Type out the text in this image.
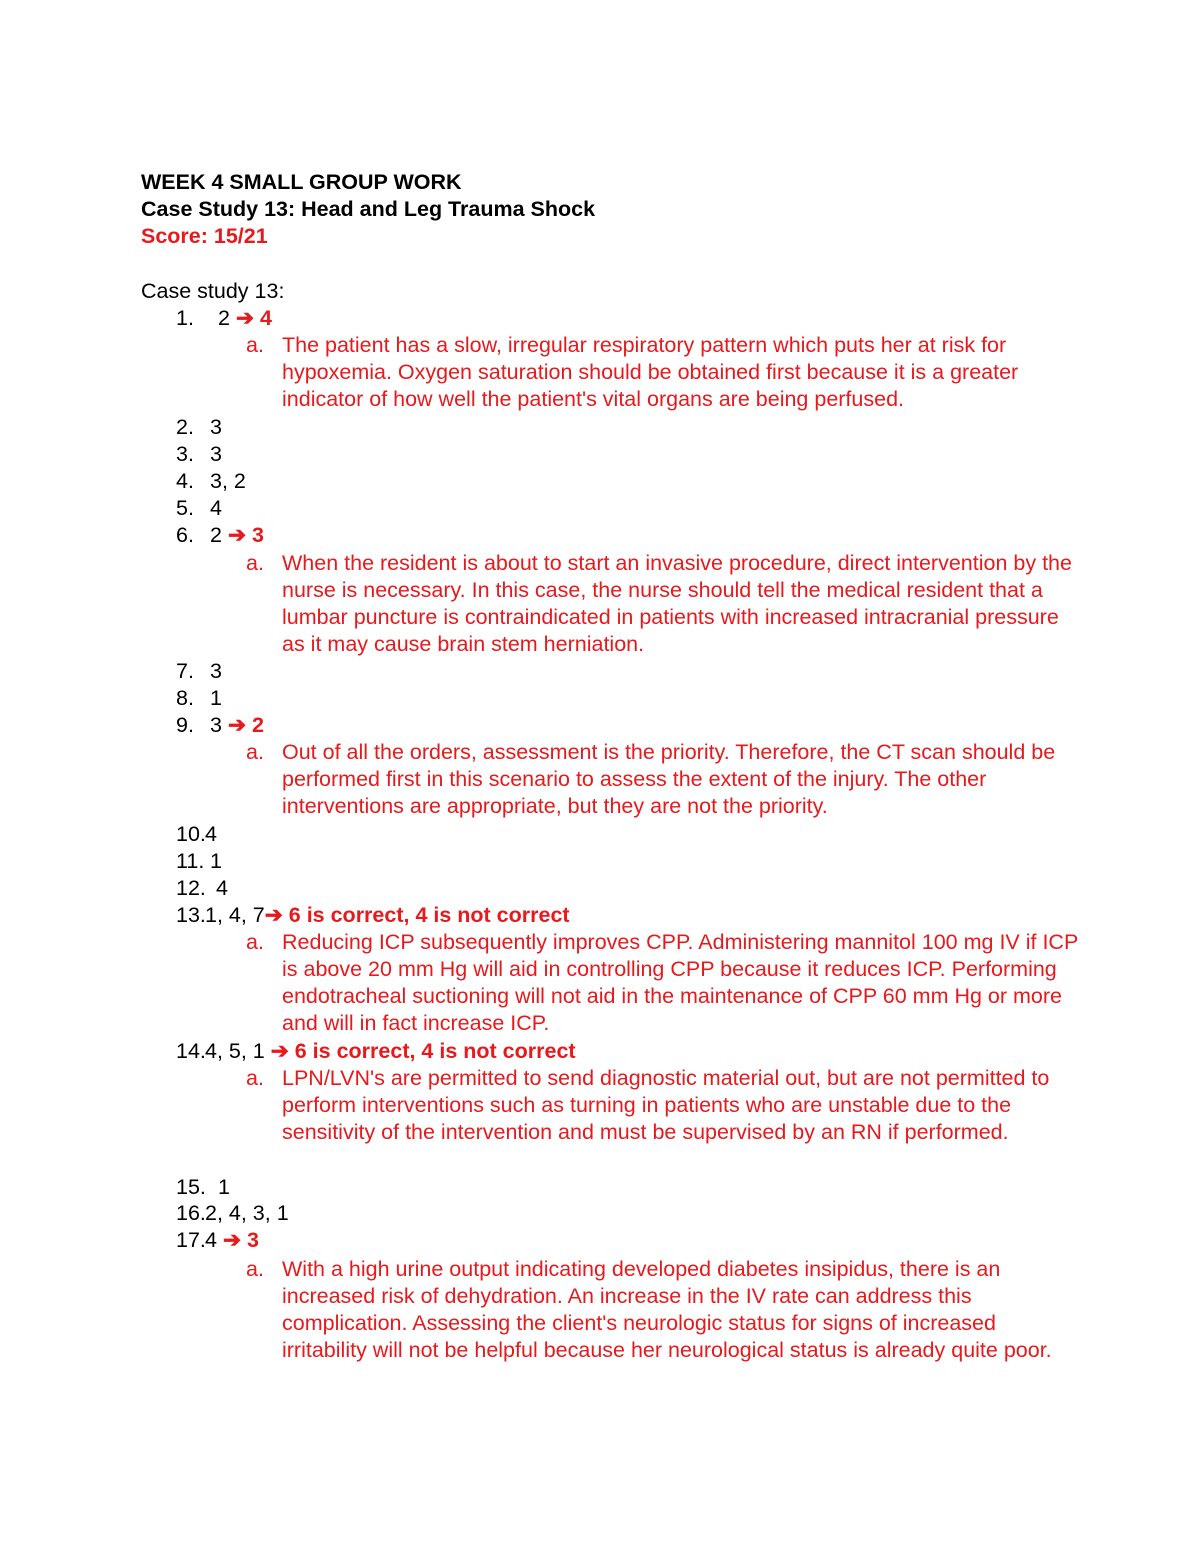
WEEK 4 SMALL GROUP WORK
Case Study 13: Head and Leg Trauma Shock
Score: 15/21
Case study 13:
1. 2 ➔ 4
a. The patient has a slow, irregular respiratory pattern which puts her at risk for hypoxemia. Oxygen saturation should be obtained first because it is a greater indicator of how well the patient's vital organs are being perfused.
2. 3
3. 3
4. 3, 2
5. 4
6. 2 ➔ 3
a. When the resident is about to start an invasive procedure, direct intervention by the nurse is necessary. In this case, the nurse should tell the medical resident that a lumbar puncture is contraindicated in patients with increased intracranial pressure as it may cause brain stem herniation.
7. 3
8. 1
9. 3 ➔ 2
a. Out of all the orders, assessment is the priority. Therefore, the CT scan should be performed first in this scenario to assess the extent of the injury. The other interventions are appropriate, but they are not the priority.
10. 4
11. 1
12. 4
13. 1, 4, 7➔ 6 is correct, 4 is not correct
a. Reducing ICP subsequently improves CPP. Administering mannitol 100 mg IV if ICP is above 20 mm Hg will aid in controlling CPP because it reduces ICP. Performing endotracheal suctioning will not aid in the maintenance of CPP 60 mm Hg or more and will in fact increase ICP.
14. 4, 5, 1 ➔ 6 is correct, 4 is not correct
a. LPN/LVN's are permitted to send diagnostic material out, but are not permitted to perform interventions such as turning in patients who are unstable due to the sensitivity of the intervention and must be supervised by an RN if performed.
15. 1
16. 2, 4, 3, 1
17. 4 ➔ 3
a. With a high urine output indicating developed diabetes insipidus, there is an increased risk of dehydration. An increase in the IV rate can address this complication. Assessing the client's neurologic status for signs of increased irritability will not be helpful because her neurological status is already quite poor.
